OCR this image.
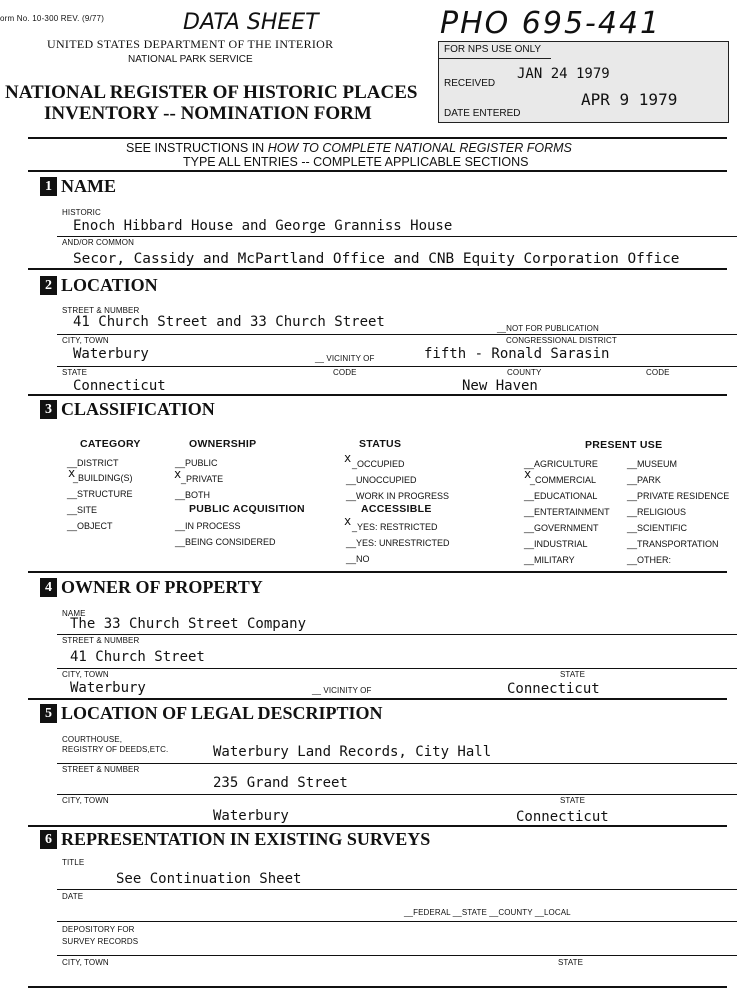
orm No. 10-300 REV. (9/77)	DATA SHEET
UNITED STATES DEPARTMENT OF THE INTERIOR
NATIONAL PARK SERVICE
NATIONAL REGISTER OF HISTORIC PLACES
INVENTORY -- NOMINATION FORM
PHO 695-441
FOR NPS USE ONLY
RECEIVED
JAN 24 1979
DATE ENTERED
APR 9 1979
SEE INSTRUCTIONS IN HOW TO COMPLETE NATIONAL REGISTER FORMS
TYPE ALL ENTRIES -- COMPLETE APPLICABLE SECTIONS
1 NAME
HISTORIC
Enoch Hibbard House and George Granniss House
AND/OR COMMON
Secor, Cassidy and McPartland Office and CNB Equity Corporation Office
2 LOCATION
STREET & NUMBER
41 Church Street and 33 Church Street	__NOT FOR PUBLICATION
CITY, TOWN
Waterbury	__ VICINITY OF
CONGRESSIONAL DISTRICT
fifth - Ronald Sarasin
STATE
Connecticut
CODE	COUNTY
New Haven
CODE
3 CLASSIFICATION
CATEGORY
__DISTRICT
_BUILDING(S)
x
__STRUCTURE
__SITE
__OBJECT
OWNERSHIP
__PUBLIC
_PRIVATE
x
__BOTH
PUBLIC ACQUISITION
__IN PROCESS
__BEING CONSIDERED
STATUS
_OCCUPIED
x
__UNOCCUPIED
__WORK IN PROGRESS
ACCESSIBLE
_YES: RESTRICTED
x
__YES: UNRESTRICTED
__NO
PRESENT USE
__AGRICULTURE
_COMMERCIAL
x
__EDUCATIONAL
__ENTERTAINMENT
__GOVERNMENT
__INDUSTRIAL
__MILITARY
__MUSEUM
__PARK
__PRIVATE RESIDENCE
__RELIGIOUS
__SCIENTIFIC
__TRANSPORTATION
__OTHER:
4 OWNER OF PROPERTY
NAME
The 33 Church Street Company
STREET & NUMBER
41 Church Street
CITY, TOWN
Waterbury	__ VICINITY OF
STATE
Connecticut
5 LOCATION OF LEGAL DESCRIPTION
COURTHOUSE,
REGISTRY OF DEEDS,ETC.	Waterbury Land Records, City Hall
STREET & NUMBER
235 Grand Street
CITY, TOWN
Waterbury
STATE
Connecticut
6 REPRESENTATION IN EXISTING SURVEYS
TITLE
See Continuation Sheet
DATE
__FEDERAL __STATE __COUNTY __LOCAL
DEPOSITORY FOR
SURVEY RECORDS
CITY, TOWN	STATE
